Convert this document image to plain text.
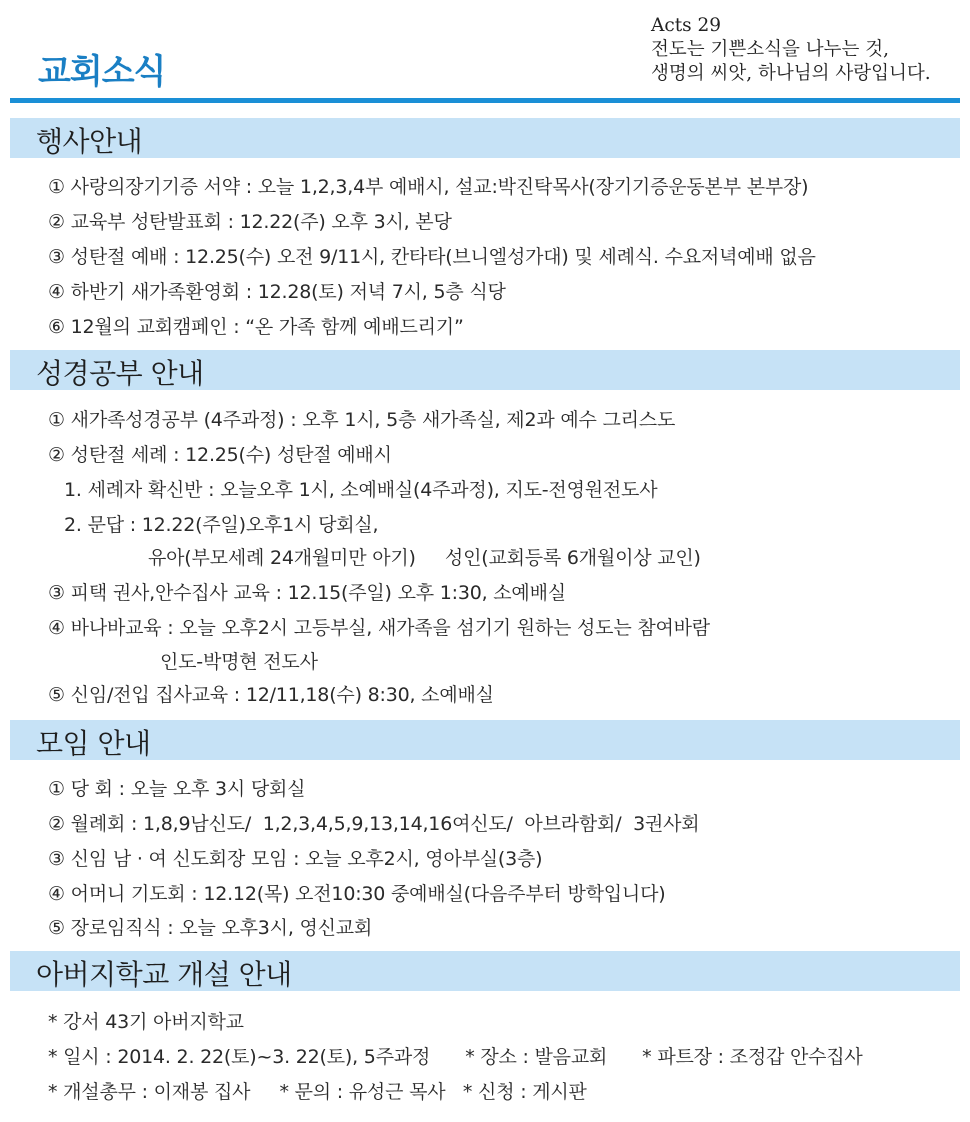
교회소식
Acts 29
전도는 기쁜소식을 나누는 것,
생명의 씨앗, 하나님의 사랑입니다.
행사안내
① 사랑의장기기증 서약 : 오늘 1,2,3,4부 예배시, 설교:박진탁목사(장기기증운동본부 본부장)
② 교육부 성탄발표회 : 12.22(주) 오후 3시, 본당
③ 성탄절 예배 : 12.25(수) 오전 9/11시, 칸타타(브니엘성가대) 및 세례식. 수요저녁예배 없음
④ 하반기 새가족환영회 : 12.28(토) 저녁 7시, 5층 식당
⑥ 12월의 교회캠페인 : “온 가족 함께 예배드리기”
성경공부 안내
① 새가족성경공부 (4주과정) : 오후 1시, 5층 새가족실, 제2과 예수 그리스도
② 성탄절 세례 : 12.25(수) 성탄절 예배시
1. 세례자 확신반 : 오늘오후 1시, 소예배실(4주과정), 지도-전영원전도사
2. 문답 : 12.22(주일)오후1시 당회실,
유아(부모세례 24개월미만 아기)     성인(교회등록 6개월이상 교인)
③ 피택 권사,안수집사 교육 : 12.15(주일) 오후 1:30, 소예배실
④ 바나바교육 : 오늘 오후2시 고등부실, 새가족을 섬기기 원하는 성도는 참여바람
인도-박명현 전도사
⑤ 신임/전입 집사교육 : 12/11,18(수) 8:30, 소예배실
모임 안내
① 당 회 : 오늘 오후 3시 당회실
② 월례회 : 1,8,9남신도/  1,2,3,4,5,9,13,14,16여신도/  아브라함회/  3권사회
③ 신임 남 · 여 신도회장 모임 : 오늘 오후2시, 영아부실(3층)
④ 어머니 기도회 : 12.12(목) 오전10:30 중예배실(다음주부터 방학입니다)
⑤ 장로임직식 : 오늘 오후3시, 영신교회
아버지학교 개설 안내
* 강서 43기 아버지학교
* 일시 : 2014. 2. 22(토)~3. 22(토), 5주과정      * 장소 : 발음교회      * 파트장 : 조정갑 안수집사
* 개설총무 : 이재봉 집사     * 문의 : 유성근 목사   * 신청 : 게시판
